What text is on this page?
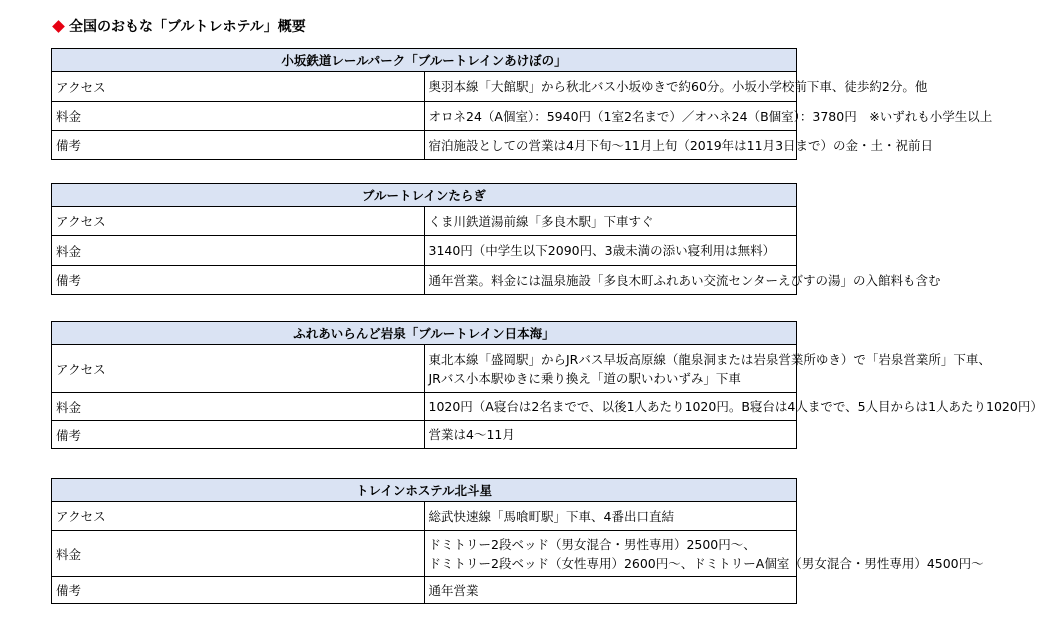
全国のおもな「ブルトレホテル」概要
小坂鉄道レールパーク「ブルートレインあけぼの」	
アクセス	奥羽本線「大館駅」から秋北バス小坂ゆきで約60分。小坂小学校前下車、徒歩約2分。他

料金	オロネ24（A個室）：5940円（1室2名まで）／オハネ24（B個室）：3780円　※いずれも小学生以上

備考	宿泊施設としての営業は4月下旬～11月上旬（2019年は11月3日まで）の金・土・祝前日
ブルートレインたらぎ	
アクセス	くま川鉄道湯前線「多良木駅」下車すぐ

料金	3140円（中学生以下2090円、3歳未満の添い寝利用は無料）

備考	通年営業。料金には温泉施設「多良木町ふれあい交流センターえびすの湯」の入館料も含む
ふれあいらんど岩泉「ブルートレイン日本海」	
アクセス	東北本線「盛岡駅」からJRバス早坂高原線（龍泉洞または岩泉営業所ゆき）で「岩泉営業所」下車、
JRバス小本駅ゆきに乗り換え「道の駅いわいずみ」下車

料金	1020円（A寝台は2名までで、以後1人あたり1020円。B寝台は4人までで、5人目からは1人あたり1020円）

備考	営業は4～11月
トレインホステル北斗星	
アクセス	総武快速線「馬喰町駅」下車、4番出口直結

料金	ドミトリー2段ベッド（男女混合・男性専用）2500円～、
ドミトリー2段ベッド（女性専用）2600円～、ドミトリーA個室（男女混合・男性専用）4500円～

備考	通年営業
